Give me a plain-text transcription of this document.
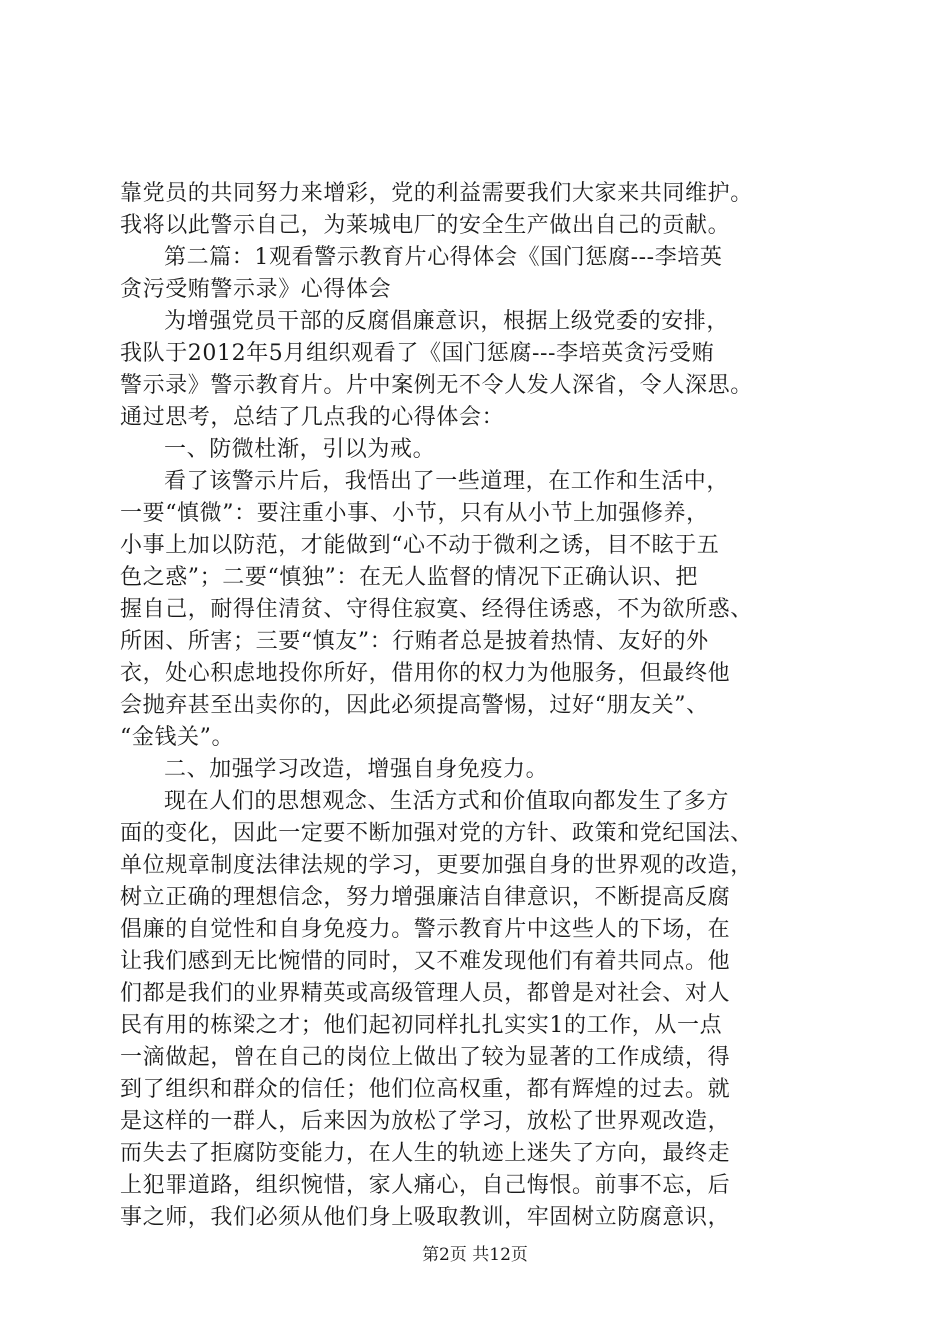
靠党员的共同努力来增彩，党的利益需要我们大家来共同维护。
我将以此警示自己，为莱城电厂的安全生产做出自己的贡献。
第二篇：1观看警示教育片心得体会《国门惩腐---李培英
贪污受贿警示录》心得体会
为增强党员干部的反腐倡廉意识，根据上级党委的安排，
我队于2012年5月组织观看了《国门惩腐---李培英贪污受贿
警示录》警示教育片。片中案例无不令人发人深省，令人深思。
通过思考，总结了几点我的心得体会：
一、防微杜渐，引以为戒。
看了该警示片后，我悟出了一些道理，在工作和生活中，
一要“慎微”：要注重小事、小节，只有从小节上加强修养，
小事上加以防范，才能做到“心不动于微利之诱，目不眩于五
色之惑”；二要“慎独”：在无人监督的情况下正确认识、把
握自己，耐得住清贫、守得住寂寞、经得住诱惑，不为欲所惑、
所困、所害；三要“慎友”：行贿者总是披着热情、友好的外
衣，处心积虑地投你所好，借用你的权力为他服务，但最终他
会抛弃甚至出卖你的，因此必须提高警惕，过好“朋友关”、
“金钱关”。
二、加强学习改造，增强自身免疫力。
现在人们的思想观念、生活方式和价值取向都发生了多方
面的变化，因此一定要不断加强对党的方针、政策和党纪国法、
单位规章制度法律法规的学习，更要加强自身的世界观的改造，
树立正确的理想信念，努力增强廉洁自律意识，不断提高反腐
倡廉的自觉性和自身免疫力。警示教育片中这些人的下场，在
让我们感到无比惋惜的同时，又不难发现他们有着共同点。他
们都是我们的业界精英或高级管理人员，都曾是对社会、对人
民有用的栋梁之才；他们起初同样扎扎实实1的工作，从一点
一滴做起，曾在自己的岗位上做出了较为显著的工作成绩，得
到了组织和群众的信任；他们位高权重，都有辉煌的过去。就
是这样的一群人，后来因为放松了学习，放松了世界观改造，
而失去了拒腐防变能力，在人生的轨迹上迷失了方向，最终走
上犯罪道路，组织惋惜，家人痛心，自己悔恨。前事不忘，后
事之师，我们必须从他们身上吸取教训，牢固树立防腐意识，
第2页 共12页
